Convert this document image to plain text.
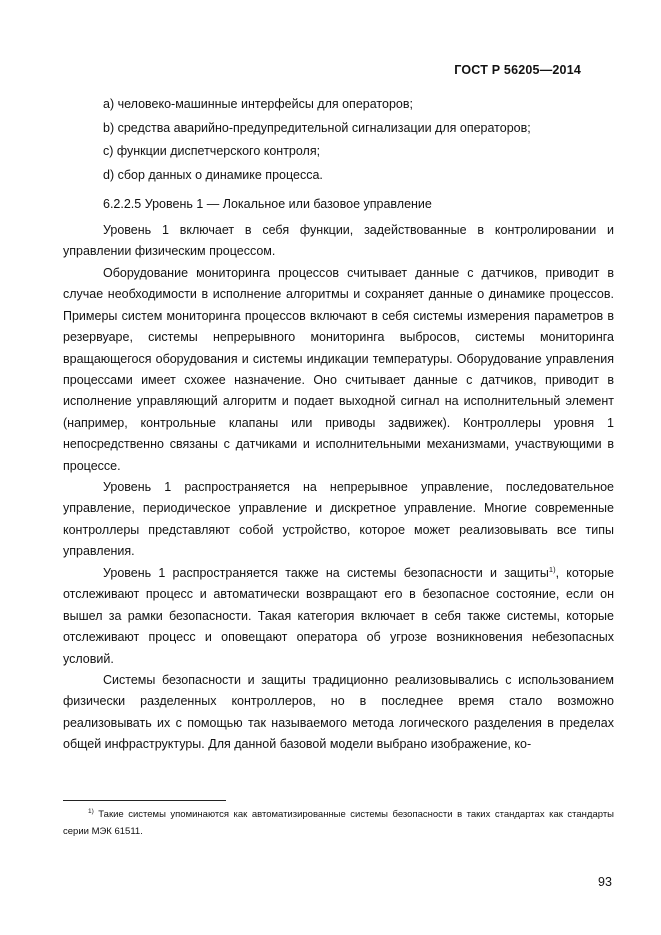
ГОСТ Р 56205—2014
а) человеко-машинные интерфейсы для операторов;
b) средства аварийно-предупредительной сигнализации для операторов;
с) функции диспетчерского контроля;
d) сбор данных о динамике процесса.
6.2.2.5 Уровень 1 — Локальное или базовое управление

Уровень 1 включает в себя функции, задействованные в контролировании и управлении физическим процессом.

Оборудование мониторинга процессов считывает данные с датчиков, приводит в случае необходимости в исполнение алгоритмы и сохраняет данные о динамике процессов. Примеры систем мониторинга процессов включают в себя системы измерения параметров в резервуаре, системы непрерывного мониторинга выбросов, системы мониторинга вращающегося оборудования и системы индикации температуры. Оборудование управления процессами имеет схожее назначение. Оно считывает данные с датчиков, приводит в исполнение управляющий алгоритм и подает выходной сигнал на исполнительный элемент (например, контрольные клапаны или приводы задвижек). Контроллеры уровня 1 непосредственно связаны с датчиками и исполнительными механизмами, участвующими в процессе.

Уровень 1 распространяется на непрерывное управление, последовательное управление, периодическое управление и дискретное управление. Многие современные контроллеры представляют собой устройство, которое может реализовывать все типы управления.

Уровень 1 распространяется также на системы безопасности и защиты$^{1)}$, которые отслеживают процесс и автоматически возвращают его в безопасное состояние, если он вышел за рамки безопасности. Такая категория включает в себя также системы, которые отслеживают процесс и оповещают оператора об угрозе возникновения небезопасных условий.

Системы безопасности и защиты традиционно реализовывались с использованием физически разделенных контроллеров, но в последнее время стало возможно реализовывать их с помощью так называемого метода логического разделения в пределах общей инфраструктуры. Для данной базовой модели выбрано изображение, ко-

$^{1)}$ Такие системы упоминаются как автоматизированные системы безопасности в таких стандартах как стандарты серии МЭК 61511.

93
